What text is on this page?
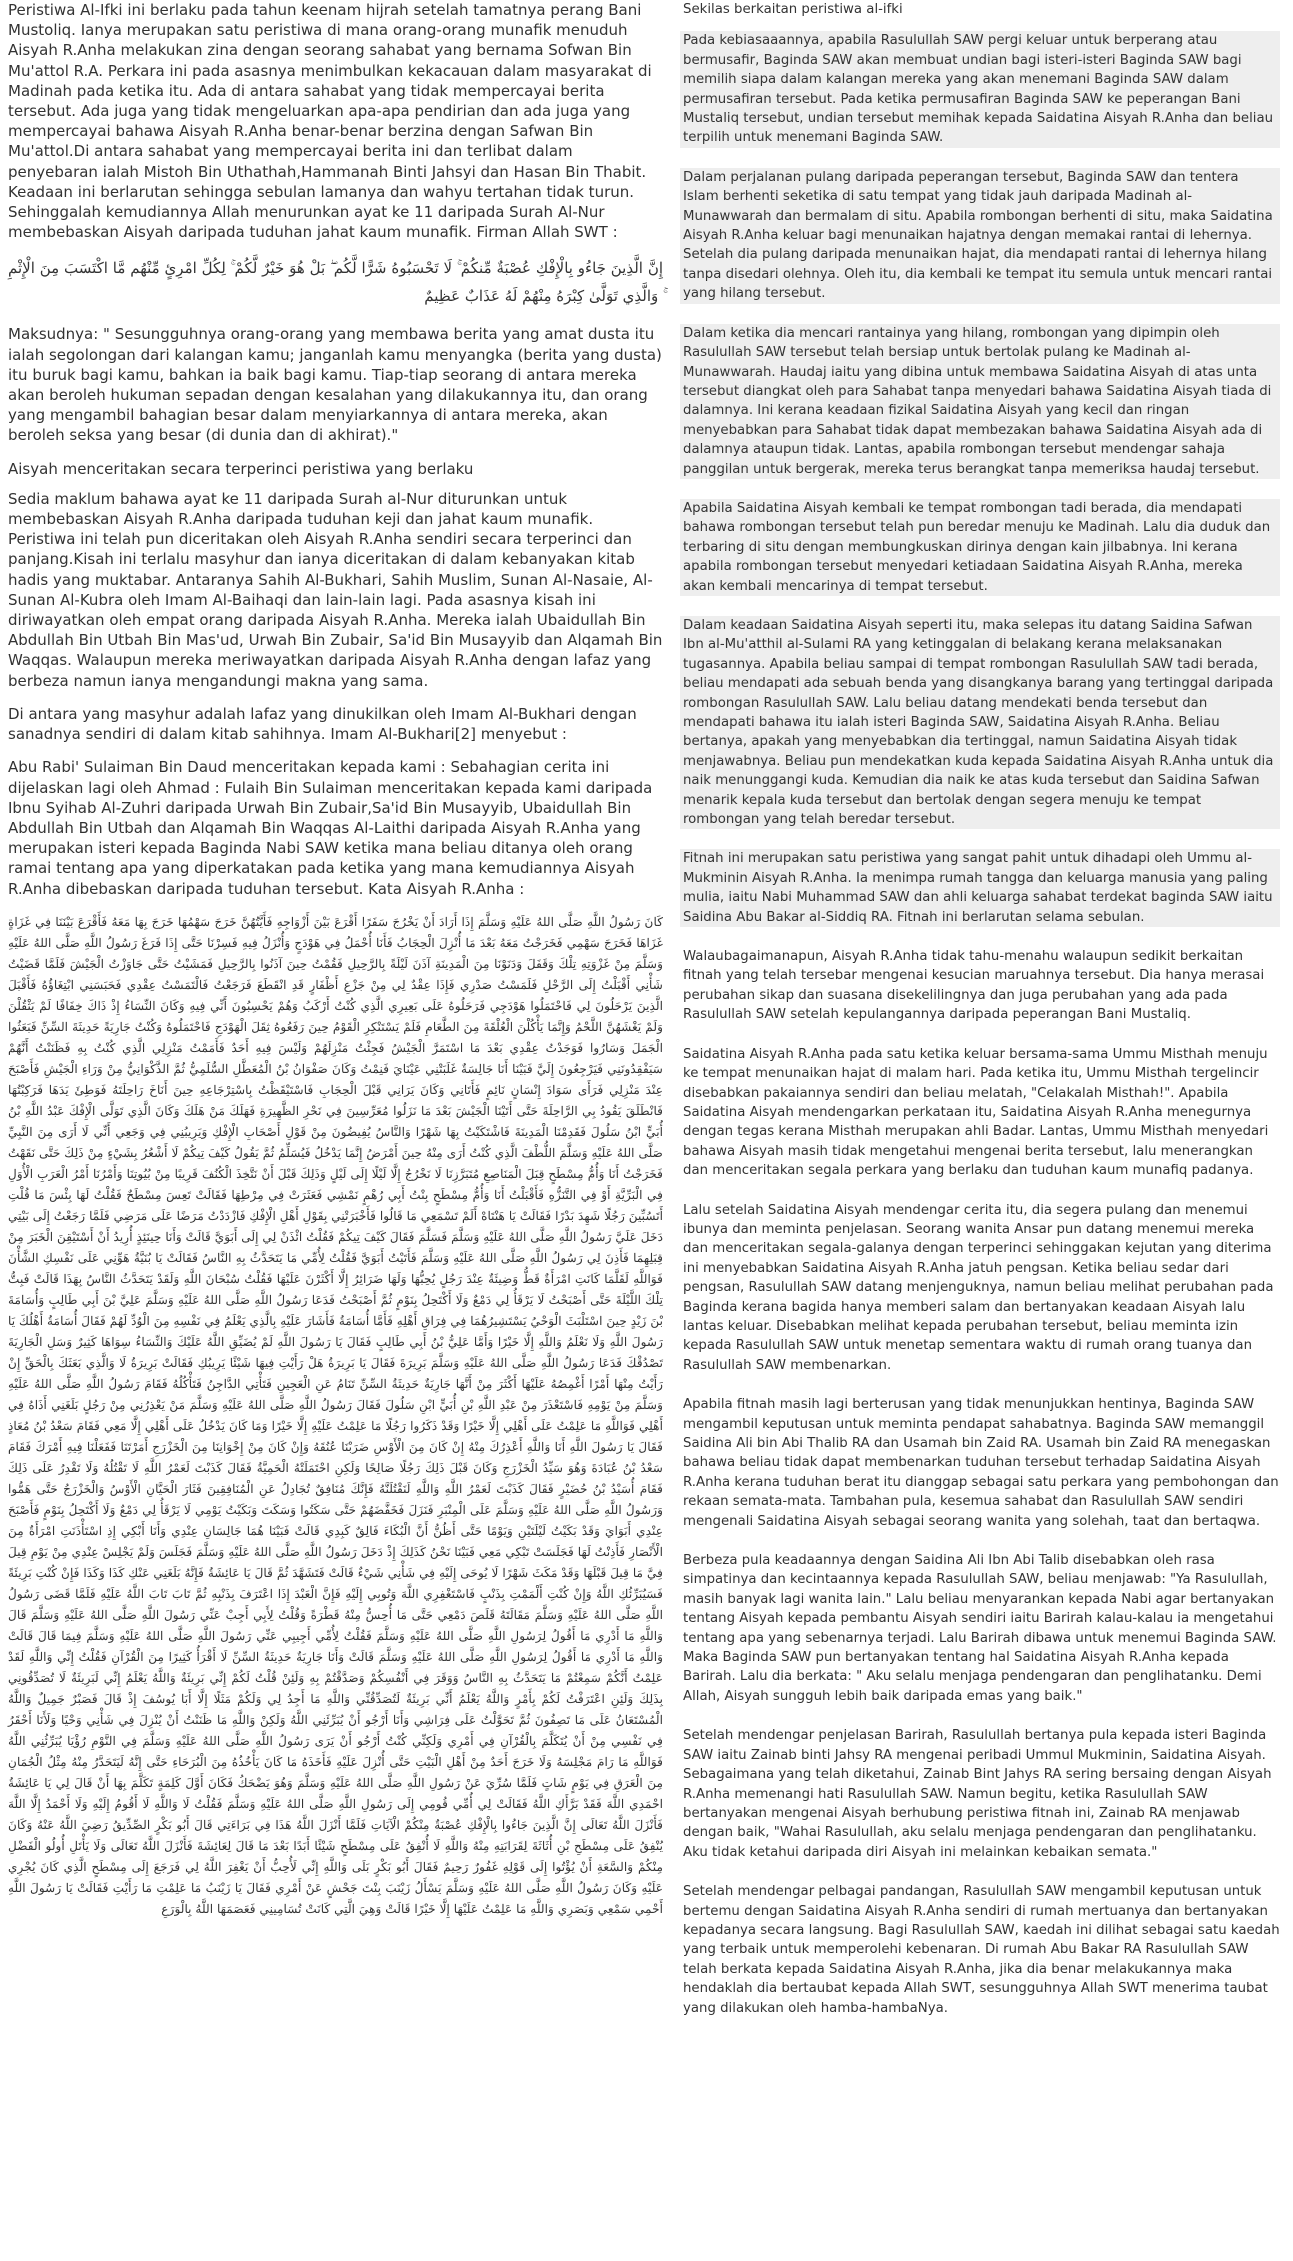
Peristiwa Al-Ifki ini berlaku pada tahun keenam hijrah setelah tamatnya perang Bani Mustoliq. Ianya merupakan satu peristiwa di mana orang-orang munafik menuduh Aisyah R.Anha melakukan zina dengan seorang sahabat yang bernama Sofwan Bin Mu'attol R.A. Perkara ini pada asasnya menimbulkan kekacauan dalam masyarakat di Madinah pada ketika itu. Ada di antara sahabat yang tidak mempercayai berita tersebut. Ada juga yang tidak mengeluarkan apa-apa pendirian dan ada juga yang mempercayai bahawa Aisyah R.Anha benar-benar berzina dengan Safwan Bin Mu'attol.Di antara sahabat yang mempercayai berita ini dan terlibat dalam penyebaran ialah Mistoh Bin Uthathah,Hammanah Binti Jahsyi dan Hasan Bin Thabit. Keadaan ini berlarutan sehingga sebulan lamanya dan wahyu tertahan tidak turun. Sehinggalah kemudiannya Allah menurunkan ayat ke 11 daripada Surah Al-Nur membebaskan Aisyah daripada tuduhan jahat kaum munafik. Firman Allah SWT :

إِنَّ الَّذِينَ جَاءُو بِالْإِفْكِ عُصْبَةٌ مِّنكُمْ ۚ لَا تَحْسَبُوهُ شَرًّا لَّكُم ۖ بَلْ هُوَ خَيْرٌ لَّكُمْ ۚ لِكُلِّ امْرِئٍ مِّنْهُم مَّا اكْتَسَبَ مِنَ الْإِثْمِ ۚ وَالَّذِي تَوَلَّىٰ كِبْرَهُ مِنْهُمْ لَهُ عَذَابٌ عَظِيمٌ

Maksudnya: " Sesungguhnya orang-orang yang membawa berita yang amat dusta itu ialah segolongan dari kalangan kamu; janganlah kamu menyangka (berita yang dusta) itu buruk bagi kamu, bahkan ia baik bagi kamu. Tiap-tiap seorang di antara mereka akan beroleh hukuman sepadan dengan kesalahan yang dilakukannya itu, dan orang yang mengambil bahagian besar dalam menyiarkannya di antara mereka, akan beroleh seksa yang besar (di dunia dan di akhirat)."

Aisyah menceritakan secara terperinci peristiwa yang berlaku

Sedia maklum bahawa ayat ke 11 daripada Surah al-Nur diturunkan untuk membebaskan Aisyah R.Anha daripada tuduhan keji dan jahat kaum munafik. Peristiwa ini telah pun diceritakan oleh Aisyah R.Anha sendiri secara terperinci dan panjang.Kisah ini terlalu masyhur dan ianya diceritakan di dalam kebanyakan kitab hadis yang muktabar. Antaranya Sahih Al-Bukhari, Sahih Muslim, Sunan Al-Nasaie, Al-Sunan Al-Kubra oleh Imam Al-Baihaqi dan lain-lain lagi. Pada asasnya kisah ini diriwayatkan oleh empat orang daripada Aisyah R.Anha. Mereka ialah Ubaidullah Bin Abdullah Bin Utbah Bin Mas'ud, Urwah Bin Zubair, Sa'id Bin Musayyib dan Alqamah Bin Waqqas. Walaupun mereka meriwayatkan daripada Aisyah R.Anha dengan lafaz yang berbeza namun ianya mengandungi makna yang sama.

Di antara yang masyhur adalah lafaz yang dinukilkan oleh Imam Al-Bukhari dengan sanadnya sendiri di dalam kitab sahihnya. Imam Al-Bukhari[2] menyebut :

Abu Rabi' Sulaiman Bin Daud menceritakan kepada kami : Sebahagian cerita ini dijelaskan lagi oleh Ahmad : Fulaih Bin Sulaiman menceritakan kepada kami daripada Ibnu Syihab Al-Zuhri daripada Urwah Bin Zubair,Sa'id Bin Musayyib, Ubaidullah Bin Abdullah Bin Utbah dan Alqamah Bin Waqqas Al-Laithi daripada Aisyah R.Anha yang merupakan isteri kepada Baginda Nabi SAW ketika mana beliau ditanya oleh orang ramai tentang apa yang diperkatakan pada ketika yang mana kemudiannya Aisyah R.Anha dibebaskan daripada tuduhan tersebut. Kata Aisyah R.Anha :

كَانَ رَسُولُ اللَّهِ صَلَّى اللهُ عَلَيْهِ وَسَلَّمَ إِذَا أَرَادَ أَنْ يَخْرُجَ سَفَرًا أَقْرَعَ بَيْنَ أَزْوَاجِهِ فَأَيَّتُهُنَّ خَرَجَ سَهْمُهَا خَرَجَ بِهَا مَعَهُ فَأَقْرَعَ بَيْنَنَا فِي غَزَاةٍ غَزَاهَا فَخَرَجَ سَهْمِي فَخَرَجْتُ مَعَهُ بَعْدَ مَا أُنْزِلَ الْحِجَابُ فَأَنَا أُحْمَلُ فِي هَوْدَجٍ وَأُنْزَلُ فِيهِ فَسِرْنَا حَتَّى إِذَا فَرَغَ رَسُولُ اللَّهِ صَلَّى اللهُ عَلَيْهِ وَسَلَّمَ مِنْ غَزْوَتِهِ تِلْكَ وَقَفَلَ وَدَنَوْنَا مِنَ الْمَدِينَةِ آذَنَ لَيْلَةً بِالرَّحِيلِ فَقُمْتُ حِينَ آذَنُوا بِالرَّحِيلِ فَمَشَيْتُ حَتَّى جَاوَزْتُ الْجَيْشَ فَلَمَّا قَضَيْتُ شَأْنِي أَقْبَلْتُ إِلَى الرَّحْلِ فَلَمَسْتُ صَدْرِي فَإِذَا عِقْدٌ لِي مِنْ جَزْعِ أَظْفَارٍ قَدِ انْقَطَعَ فَرَجَعْتُ فَالْتَمَسْتُ عِقْدِي فَحَبَسَنِي ابْتِغَاؤُهُ فَأَقْبَلَ الَّذِينَ يَرْحَلُونَ لِي فَاحْتَمَلُوا هَوْدَجِي فَرَحَلُوهُ عَلَى بَعِيرِي الَّذِي كُنْتُ أَرْكَبُ وَهُمْ يَحْسِبُونَ أَنِّي فِيهِ وَكَانَ النِّسَاءُ إِذْ ذَاكَ خِفَافًا لَمْ يَثْقُلْنَ وَلَمْ يَغْشَهُنَّ اللَّحْمُ وَإِنَّمَا يَأْكُلْنَ الْعُلْقَةَ مِنَ الطَّعَامِ فَلَمْ يَسْتَنْكِرِ الْقَوْمُ حِينَ رَفَعُوهُ ثِقَلَ الْهَوْدَجِ فَاحْتَمَلُوهُ وَكُنْتُ جَارِيَةً حَدِيثَةَ السِّنِّ فَبَعَثُوا الْجَمَلَ وَسَارُوا فَوَجَدْتُ عِقْدِي بَعْدَ مَا اسْتَمَرَّ الْجَيْشُ فَجِئْتُ مَنْزِلَهُمْ وَلَيْسَ فِيهِ أَحَدٌ فَأَمَمْتُ مَنْزِلِي الَّذِي كُنْتُ بِهِ فَظَنَنْتُ أَنَّهُمْ سَيَفْقِدُونَنِي فَيَرْجِعُونَ إِلَيَّ فَبَيْنَا أَنَا جَالِسَةٌ غَلَبَتْنِي عَيْنَايَ فَنِمْتُ وَكَانَ صَفْوَانُ بْنُ الْمُعَطَّلِ السُّلَمِيُّ ثُمَّ الذَّكْوَانِيُّ مِنْ وَرَاءِ الْجَيْشِ فَأَصْبَحَ عِنْدَ مَنْزِلِي فَرَأَى سَوَادَ إِنْسَانٍ نَائِمٍ فَأَتَانِي وَكَانَ يَرَانِي قَبْلَ الْحِجَابِ فَاسْتَيْقَظْتُ بِاسْتِرْجَاعِهِ حِينَ أَنَاخَ رَاحِلَتَهُ فَوَطِئَ يَدَهَا فَرَكِبْتُهَا فَانْطَلَقَ يَقُودُ بِي الرَّاحِلَةَ حَتَّى أَتَيْنَا الْجَيْشَ بَعْدَ مَا نَزَلُوا مُعَرِّسِينَ فِي نَحْرِ الظَّهِيرَةِ فَهَلَكَ مَنْ هَلَكَ وَكَانَ الَّذِي تَوَلَّى الْإِفْكَ عَبْدُ اللَّهِ بْنُ أُبَيٍّ ابْنُ سَلُولَ فَقَدِمْنَا الْمَدِينَةَ فَاشْتَكَيْتُ بِهَا شَهْرًا وَالنَّاسُ يُفِيضُونَ مِنْ قَوْلِ أَصْحَابِ الْإِفْكِ وَيَرِيبُنِي فِي وَجَعِي أَنِّي لَا أَرَى مِنَ النَّبِيِّ صَلَّى اللهُ عَلَيْهِ وَسَلَّمَ اللُّطْفَ الَّذِي كُنْتُ أَرَى مِنْهُ حِينَ أَمْرَضُ إِنَّمَا يَدْخُلُ فَيُسَلِّمُ ثُمَّ يَقُولُ كَيْفَ تِيكُمْ لَا أَشْعُرُ بِشَيْءٍ مِنْ ذَلِكَ حَتَّى نَقَهْتُ فَخَرَجْتُ أَنَا وَأُمُّ مِسْطَحٍ قِبَلَ الْمَنَاصِعِ مُتَبَرَّزِنَا لَا نَخْرُجُ إِلَّا لَيْلًا إِلَى لَيْلٍ وَذَلِكَ قَبْلَ أَنْ نَتَّخِذَ الْكُنُفَ قَرِيبًا مِنْ بُيُوتِنَا وَأَمْرُنَا أَمْرُ الْعَرَبِ الْأُوَلِ فِي الْبَرِّيَّةِ أَوْ فِي التَّنَزُّهِ فَأَقْبَلْتُ أَنَا وَأُمُّ مِسْطَحٍ بِنْتُ أَبِي رُهْمٍ نَمْشِي فَعَثَرَتْ فِي مِرْطِهَا فَقَالَتْ تَعِسَ مِسْطَحٌ فَقُلْتُ لَهَا بِئْسَ مَا قُلْتِ أَتَسُبِّينَ رَجُلًا شَهِدَ بَدْرًا فَقَالَتْ يَا هَنْتَاهْ أَلَمْ تَسْمَعِي مَا قَالُوا فَأَخْبَرَتْنِي بِقَوْلِ أَهْلِ الْإِفْكِ فَازْدَدْتُ مَرَضًا عَلَى مَرَضِي فَلَمَّا رَجَعْتُ إِلَى بَيْتِي دَخَلَ عَلَيَّ رَسُولُ اللَّهِ صَلَّى اللهُ عَلَيْهِ وَسَلَّمَ فَسَلَّمَ فَقَالَ كَيْفَ تِيكُمْ فَقُلْتُ ائْذَنْ لِي إِلَى أَبَوَيَّ قَالَتْ وَأَنَا حِينَئِذٍ أُرِيدُ أَنْ أَسْتَيْقِنَ الْخَبَرَ مِنْ قِبَلِهِمَا فَأَذِنَ لِي رَسُولُ اللَّهِ صَلَّى اللهُ عَلَيْهِ وَسَلَّمَ فَأَتَيْتُ أَبَوَيَّ فَقُلْتُ لِأُمِّي مَا يَتَحَدَّثُ بِهِ النَّاسُ فَقَالَتْ يَا بُنَيَّةُ هَوِّنِي عَلَى نَفْسِكِ الشَّأْنَ فَوَاللَّهِ لَقَلَّمَا كَانَتِ امْرَأَةٌ قَطُّ وَضِيئَةٌ عِنْدَ رَجُلٍ يُحِبُّهَا وَلَهَا ضَرَائِرُ إِلَّا أَكْثَرْنَ عَلَيْهَا فَقُلْتُ سُبْحَانَ اللَّهِ وَلَقَدْ يَتَحَدَّثُ النَّاسُ بِهَذَا قَالَتْ فَبِتُّ تِلْكَ اللَّيْلَةَ حَتَّى أَصْبَحْتُ لَا يَرْقَأُ لِي دَمْعٌ وَلَا أَكْتَحِلُ بِنَوْمٍ ثُمَّ أَصْبَحْتُ فَدَعَا رَسُولُ اللَّهِ صَلَّى اللهُ عَلَيْهِ وَسَلَّمَ عَلِيَّ بْنَ أَبِي طَالِبٍ وَأُسَامَةَ بْنَ زَيْدٍ حِينَ اسْتَلْبَثَ الْوَحْيُ يَسْتَشِيرُهُمَا فِي فِرَاقِ أَهْلِهِ فَأَمَّا أُسَامَةُ فَأَشَارَ عَلَيْهِ بِالَّذِي يَعْلَمُ فِي نَفْسِهِ مِنَ الْوُدِّ لَهُمْ فَقَالَ أُسَامَةُ أَهْلُكَ يَا رَسُولَ اللَّهِ وَلَا نَعْلَمُ وَاللَّهِ إِلَّا خَيْرًا وَأَمَّا عَلِيُّ بْنُ أَبِي طَالِبٍ فَقَالَ يَا رَسُولَ اللَّهِ لَمْ يُضَيِّقِ اللَّهُ عَلَيْكَ وَالنِّسَاءُ سِوَاهَا كَثِيرٌ وَسَلِ الْجَارِيَةَ تَصْدُقْكَ فَدَعَا رَسُولُ اللَّهِ صَلَّى اللهُ عَلَيْهِ وَسَلَّمَ بَرِيرَةَ فَقَالَ يَا بَرِيرَةُ هَلْ رَأَيْتِ فِيهَا شَيْئًا يَرِيبُكِ فَقَالَتْ بَرِيرَةُ لَا وَالَّذِي بَعَثَكَ بِالْحَقِّ إِنْ رَأَيْتُ مِنْهَا أَمْرًا أَغْمِصُهُ عَلَيْهَا أَكْثَرَ مِنْ أَنَّهَا جَارِيَةٌ حَدِيثَةُ السِّنِّ تَنَامُ عَنِ الْعَجِينِ فَتَأْتِي الدَّاجِنُ فَتَأْكُلُهُ فَقَامَ رَسُولُ اللَّهِ صَلَّى اللهُ عَلَيْهِ وَسَلَّمَ مِنْ يَوْمِهِ فَاسْتَعْذَرَ مِنْ عَبْدِ اللَّهِ بْنِ أُبَيٍّ ابْنِ سَلُولَ فَقَالَ رَسُولُ اللَّهِ صَلَّى اللهُ عَلَيْهِ وَسَلَّمَ مَنْ يَعْذِرُنِي مِنْ رَجُلٍ بَلَغَنِي أَذَاهُ فِي أَهْلِي فَوَاللَّهِ مَا عَلِمْتُ عَلَى أَهْلِي إِلَّا خَيْرًا وَقَدْ ذَكَرُوا رَجُلًا مَا عَلِمْتُ عَلَيْهِ إِلَّا خَيْرًا وَمَا كَانَ يَدْخُلُ عَلَى أَهْلِي إِلَّا مَعِي فَقَامَ سَعْدُ بْنُ مُعَاذٍ فَقَالَ يَا رَسُولَ اللَّهِ أَنَا وَاللَّهِ أَعْذِرُكَ مِنْهُ إِنْ كَانَ مِنَ الْأَوْسِ ضَرَبْنَا عُنُقَهُ وَإِنْ كَانَ مِنْ إِخْوَانِنَا مِنَ الْخَزْرَجِ أَمَرْتَنَا فَفَعَلْنَا فِيهِ أَمْرَكَ فَقَامَ سَعْدُ بْنُ عُبَادَةَ وَهُوَ سَيِّدُ الْخَزْرَجِ وَكَانَ قَبْلَ ذَلِكَ رَجُلًا صَالِحًا وَلَكِنِ احْتَمَلَتْهُ الْحَمِيَّةُ فَقَالَ كَذَبْتَ لَعَمْرُ اللَّهِ لَا تَقْتُلُهُ وَلَا تَقْدِرُ عَلَى ذَلِكَ فَقَامَ أُسَيْدُ بْنُ حُضَيْرٍ فَقَالَ كَذَبْتَ لَعَمْرُ اللَّهِ وَاللَّهِ لَنَقْتُلَنَّهُ فَإِنَّكَ مُنَافِقٌ تُجَادِلُ عَنِ الْمُنَافِقِينَ فَثَارَ الْحَيَّانِ الْأَوْسُ وَالْخَزْرَجُ حَتَّى هَمُّوا وَرَسُولُ اللَّهِ صَلَّى اللهُ عَلَيْهِ وَسَلَّمَ عَلَى الْمِنْبَرِ فَنَزَلَ فَخَفَّضَهُمْ حَتَّى سَكَتُوا وَسَكَتَ وَبَكَيْتُ يَوْمِي لَا يَرْقَأُ لِي دَمْعٌ وَلَا أَكْتَحِلُ بِنَوْمٍ فَأَصْبَحَ عِنْدِي أَبَوَايَ وَقَدْ بَكَيْتُ لَيْلَتَيْنِ وَيَوْمًا حَتَّى أَظُنُّ أَنَّ الْبُكَاءَ فَالِقٌ كَبِدِي قَالَتْ فَبَيْنَا هُمَا جَالِسَانِ عِنْدِي وَأَنَا أَبْكِي إِذِ اسْتَأْذَنَتِ امْرَأَةٌ مِنَ الْأَنْصَارِ فَأَذِنْتُ لَهَا فَجَلَسَتْ تَبْكِي مَعِي فَبَيْنَا نَحْنُ كَذَلِكَ إِذْ دَخَلَ رَسُولُ اللَّهِ صَلَّى اللهُ عَلَيْهِ وَسَلَّمَ فَجَلَسَ وَلَمْ يَجْلِسْ عِنْدِي مِنْ يَوْمِ قِيلَ فِيَّ مَا قِيلَ قَبْلَهَا وَقَدْ مَكَثَ شَهْرًا لَا يُوحَى إِلَيْهِ فِي شَأْنِي شَيْءٌ قَالَتْ فَتَشَهَّدَ ثُمَّ قَالَ يَا عَائِشَةُ فَإِنَّهُ بَلَغَنِي عَنْكِ كَذَا وَكَذَا فَإِنْ كُنْتِ بَرِيئَةً فَسَيُبَرِّئُكِ اللَّهُ وَإِنْ كُنْتِ أَلْمَمْتِ بِذَنْبٍ فَاسْتَغْفِرِي اللَّهَ وَتُوبِي إِلَيْهِ فَإِنَّ الْعَبْدَ إِذَا اعْتَرَفَ بِذَنْبِهِ ثُمَّ تَابَ تَابَ اللَّهُ عَلَيْهِ فَلَمَّا قَضَى رَسُولُ اللَّهِ صَلَّى اللهُ عَلَيْهِ وَسَلَّمَ مَقَالَتَهُ قَلَصَ دَمْعِي حَتَّى مَا أُحِسُّ مِنْهُ قَطْرَةً وَقُلْتُ لِأَبِي أَجِبْ عَنِّي رَسُولَ اللَّهِ صَلَّى اللهُ عَلَيْهِ وَسَلَّمَ قَالَ وَاللَّهِ مَا أَدْرِي مَا أَقُولُ لِرَسُولِ اللَّهِ صَلَّى اللهُ عَلَيْهِ وَسَلَّمَ فَقُلْتُ لِأُمِّي أَجِيبِي عَنِّي رَسُولَ اللَّهِ صَلَّى اللهُ عَلَيْهِ وَسَلَّمَ فِيمَا قَالَ قَالَتْ وَاللَّهِ مَا أَدْرِي مَا أَقُولُ لِرَسُولِ اللَّهِ صَلَّى اللهُ عَلَيْهِ وَسَلَّمَ قَالَتْ وَأَنَا جَارِيَةٌ حَدِيثَةُ السِّنِّ لَا أَقْرَأُ كَثِيرًا مِنَ الْقُرْآنِ فَقُلْتُ إِنِّي وَاللَّهِ لَقَدْ عَلِمْتُ أَنَّكُمْ سَمِعْتُمْ مَا يَتَحَدَّثُ بِهِ النَّاسُ وَوَقَرَ فِي أَنْفُسِكُمْ وَصَدَّقْتُمْ بِهِ وَلَئِنْ قُلْتُ لَكُمْ إِنِّي بَرِيئَةٌ وَاللَّهُ يَعْلَمُ إِنِّي لَبَرِيئَةٌ لَا تُصَدِّقُونِي بِذَلِكَ وَلَئِنِ اعْتَرَفْتُ لَكُمْ بِأَمْرٍ وَاللَّهُ يَعْلَمُ أَنِّي بَرِيئَةٌ لَتُصَدِّقُنِّي وَاللَّهِ مَا أَجِدُ لِي وَلَكُمْ مَثَلًا إِلَّا أَبَا يُوسُفَ إِذْ قَالَ فَصَبْرٌ جَمِيلٌ وَاللَّهُ الْمُسْتَعَانُ عَلَى مَا تَصِفُونَ ثُمَّ تَحَوَّلْتُ عَلَى فِرَاشِي وَأَنَا أَرْجُو أَنْ يُبَرِّئَنِي اللَّهُ وَلَكِنْ وَاللَّهِ مَا ظَنَنْتُ أَنْ يُنْزِلَ فِي شَأْنِي وَحْيًا وَلَأَنَا أَحْقَرُ فِي نَفْسِي مِنْ أَنْ يُتَكَلَّمَ بِالْقُرْآنِ فِي أَمْرِي وَلَكِنِّي كُنْتُ أَرْجُو أَنْ يَرَى رَسُولُ اللَّهِ صَلَّى اللهُ عَلَيْهِ وَسَلَّمَ فِي النَّوْمِ رُؤْيَا يُبَرِّئُنِي اللَّهُ فَوَاللَّهِ مَا رَامَ مَجْلِسَهُ وَلَا خَرَجَ أَحَدٌ مِنْ أَهْلِ الْبَيْتِ حَتَّى أُنْزِلَ عَلَيْهِ فَأَخَذَهُ مَا كَانَ يَأْخُذُهُ مِنَ الْبُرَحَاءِ حَتَّى إِنَّهُ لَيَتَحَدَّرُ مِنْهُ مِثْلُ الْجُمَانِ مِنَ الْعَرَقِ فِي يَوْمٍ شَاتٍ فَلَمَّا سُرِّيَ عَنْ رَسُولِ اللَّهِ صَلَّى اللهُ عَلَيْهِ وَسَلَّمَ وَهُوَ يَضْحَكُ فَكَانَ أَوَّلَ كَلِمَةٍ تَكَلَّمَ بِهَا أَنْ قَالَ لِي يَا عَائِشَةُ احْمَدِي اللَّهَ فَقَدْ بَرَّأَكِ اللَّهُ فَقَالَتْ لِي أُمِّي قُومِي إِلَى رَسُولِ اللَّهِ صَلَّى اللهُ عَلَيْهِ وَسَلَّمَ فَقُلْتُ لَا وَاللَّهِ لَا أَقُومُ إِلَيْهِ وَلَا أَحْمَدُ إِلَّا اللَّهَ فَأَنْزَلَ اللَّهُ تَعَالَى إِنَّ الَّذِينَ جَاءُوا بِالْإِفْكِ عُصْبَةٌ مِنْكُمْ الْآيَاتِ فَلَمَّا أَنْزَلَ اللَّهُ هَذَا فِي بَرَاءَتِي قَالَ أَبُو بَكْرٍ الصِّدِّيقُ رَضِيَ اللَّهُ عَنْهُ وَكَانَ يُنْفِقُ عَلَى مِسْطَحِ بْنِ أُثَاثَةَ لِقَرَابَتِهِ مِنْهُ وَاللَّهِ لَا أُنْفِقُ عَلَى مِسْطَحٍ شَيْئًا أَبَدًا بَعْدَ مَا قَالَ لِعَائِشَةَ فَأَنْزَلَ اللَّهُ تَعَالَى وَلَا يَأْتَلِ أُولُو الْفَضْلِ مِنْكُمْ وَالسَّعَةِ أَنْ يُؤْتُوا إِلَى قَوْلِهِ غَفُورٌ رَحِيمٌ فَقَالَ أَبُو بَكْرٍ بَلَى وَاللَّهِ إِنِّي لَأُحِبُّ أَنْ يَغْفِرَ اللَّهُ لِي فَرَجَعَ إِلَى مِسْطَحٍ الَّذِي كَانَ يُجْرِي عَلَيْهِ وَكَانَ رَسُولُ اللَّهِ صَلَّى اللهُ عَلَيْهِ وَسَلَّمَ يَسْأَلُ زَيْنَبَ بِنْتَ جَحْشٍ عَنْ أَمْرِي فَقَالَ يَا زَيْنَبُ مَا عَلِمْتِ مَا رَأَيْتِ فَقَالَتْ يَا رَسُولَ اللَّهِ أَحْمِي سَمْعِي وَبَصَرِي وَاللَّهِ مَا عَلِمْتُ عَلَيْهَا إِلَّا خَيْرًا قَالَتْ وَهِيَ الَّتِي كَانَتْ تُسَامِينِي فَعَصَمَهَا اللَّهُ بِالْوَرَعِ

Sekilas berkaitan peristiwa al-ifki

Pada kebiasaaannya, apabila Rasulullah SAW pergi keluar untuk berperang atau bermusafir, Baginda SAW akan membuat undian bagi isteri-isteri Baginda SAW bagi memilih siapa dalam kalangan mereka yang akan menemani Baginda SAW dalam permusafiran tersebut. Pada ketika permusafiran Baginda SAW ke peperangan Bani Mustaliq tersebut, undian tersebut memihak kepada Saidatina Aisyah R.Anha dan beliau terpilih untuk menemani Baginda SAW.

Dalam perjalanan pulang daripada peperangan tersebut, Baginda SAW dan tentera Islam berhenti seketika di satu tempat yang tidak jauh daripada Madinah al-Munawwarah dan bermalam di situ. Apabila rombongan berhenti di situ, maka Saidatina Aisyah R.Anha keluar bagi menunaikan hajatnya dengan memakai rantai di lehernya. Setelah dia pulang daripada menunaikan hajat, dia mendapati rantai di lehernya hilang tanpa disedari olehnya. Oleh itu, dia kembali ke tempat itu semula untuk mencari rantai yang hilang tersebut.

Dalam ketika dia mencari rantainya yang hilang, rombongan yang dipimpin oleh Rasulullah SAW tersebut telah bersiap untuk bertolak pulang ke Madinah al-Munawwarah. Haudaj iaitu yang dibina untuk membawa Saidatina Aisyah di atas unta tersebut diangkat oleh para Sahabat tanpa menyedari bahawa Saidatina Aisyah tiada di dalamnya. Ini kerana keadaan fizikal Saidatina Aisyah yang kecil dan ringan menyebabkan para Sahabat tidak dapat membezakan bahawa Saidatina Aisyah ada di dalamnya ataupun tidak. Lantas, apabila rombongan tersebut mendengar sahaja panggilan untuk bergerak, mereka terus berangkat tanpa memeriksa haudaj tersebut.

Apabila Saidatina Aisyah kembali ke tempat rombongan tadi berada, dia mendapati bahawa rombongan tersebut telah pun beredar menuju ke Madinah. Lalu dia duduk dan terbaring di situ dengan membungkuskan dirinya dengan kain jilbabnya. Ini kerana apabila rombongan tersebut menyedari ketiadaan Saidatina Aisyah R.Anha, mereka akan kembali mencarinya di tempat tersebut.

Dalam keadaan Saidatina Aisyah seperti itu, maka selepas itu datang Saidina Safwan Ibn al-Mu'atthil al-Sulami RA yang ketinggalan di belakang kerana melaksanakan tugasannya. Apabila beliau sampai di tempat rombongan Rasulullah SAW tadi berada, beliau mendapati ada sebuah benda yang disangkanya barang yang tertinggal daripada rombongan Rasulullah SAW. Lalu beliau datang mendekati benda tersebut dan mendapati bahawa itu ialah isteri Baginda SAW, Saidatina Aisyah R.Anha. Beliau bertanya, apakah yang menyebabkan dia tertinggal, namun Saidatina Aisyah tidak menjawabnya. Beliau pun mendekatkan kuda kepada Saidatina Aisyah R.Anha untuk dia naik menunggangi kuda. Kemudian dia naik ke atas kuda tersebut dan Saidina Safwan menarik kepala kuda tersebut dan bertolak dengan segera menuju ke tempat rombongan yang telah beredar tersebut.

Fitnah ini merupakan satu peristiwa yang sangat pahit untuk dihadapi oleh Ummu al-Mukminin Aisyah R.Anha. Ia menimpa rumah tangga dan keluarga manusia yang paling mulia, iaitu Nabi Muhammad SAW dan ahli keluarga sahabat terdekat baginda SAW iaitu Saidina Abu Bakar al-Siddiq RA. Fitnah ini berlarutan selama sebulan.

Walaubagaimanapun, Aisyah R.Anha tidak tahu-menahu walaupun sedikit berkaitan fitnah yang telah tersebar mengenai kesucian maruahnya tersebut. Dia hanya merasai perubahan sikap dan suasana disekelilingnya dan juga perubahan yang ada pada Rasulullah SAW setelah kepulangannya daripada peperangan Bani Mustaliq.

Saidatina Aisyah R.Anha pada satu ketika keluar bersama-sama Ummu Misthah menuju ke tempat menunaikan hajat di malam hari. Pada ketika itu, Ummu Misthah tergelincir disebabkan pakaiannya sendiri dan beliau melatah, "Celakalah Misthah!". Apabila Saidatina Aisyah mendengarkan perkataan itu, Saidatina Aisyah R.Anha menegurnya dengan tegas kerana Misthah merupakan ahli Badar. Lantas, Ummu Misthah menyedari bahawa Aisyah masih tidak mengetahui mengenai berita tersebut, lalu menerangkan dan menceritakan segala perkara yang berlaku dan tuduhan kaum munafiq padanya.

Lalu setelah Saidatina Aisyah mendengar cerita itu, dia segera pulang dan menemui ibunya dan meminta penjelasan. Seorang wanita Ansar pun datang menemui mereka dan menceritakan segala-galanya dengan terperinci sehinggakan kejutan yang diterima ini menyebabkan Saidatina Aisyah R.Anha jatuh pengsan. Ketika beliau sedar dari pengsan, Rasulullah SAW datang menjenguknya, namun beliau melihat perubahan pada Baginda kerana bagida hanya memberi salam dan bertanyakan keadaan Aisyah lalu lantas keluar. Disebabkan melihat kepada perubahan tersebut, beliau meminta izin kepada Rasulullah SAW untuk menetap sementara waktu di rumah orang tuanya dan Rasulullah SAW membenarkan.

Apabila fitnah masih lagi berterusan yang tidak menunjukkan hentinya, Baginda SAW mengambil keputusan untuk meminta pendapat sahabatnya. Baginda SAW memanggil Saidina Ali bin Abi Thalib RA dan Usamah bin Zaid RA. Usamah bin Zaid RA menegaskan bahawa beliau tidak dapat membenarkan tuduhan tersebut terhadap Saidatina Aisyah R.Anha kerana tuduhan berat itu dianggap sebagai satu perkara yang pembohongan dan rekaan semata-mata. Tambahan pula, kesemua sahabat dan Rasulullah SAW sendiri mengenali Saidatina Aisyah sebagai seorang wanita yang solehah, taat dan bertaqwa.

Berbeza pula keadaannya dengan Saidina Ali Ibn Abi Talib disebabkan oleh rasa simpatinya dan kecintaannya kepada Rasulullah SAW, beliau menjawab: "Ya Rasulullah, masih banyak lagi wanita lain." Lalu beliau menyarankan kepada Nabi agar bertanyakan tentang Aisyah kepada pembantu Aisyah sendiri iaitu Barirah kalau-kalau ia mengetahui tentang apa yang sebenarnya terjadi. Lalu Barirah dibawa untuk menemui Baginda SAW. Maka Baginda SAW pun bertanyakan tentang hal Saidatina Aisyah R.Anha kepada Barirah. Lalu dia berkata: " Aku selalu menjaga pendengaran dan penglihatanku. Demi Allah, Aisyah sungguh lebih baik daripada emas yang baik."

Setelah mendengar penjelasan Barirah, Rasulullah bertanya pula kepada isteri Baginda SAW iaitu Zainab binti Jahsy RA mengenai peribadi Ummul Mukminin, Saidatina Aisyah. Sebagaimana yang telah diketahui, Zainab Bint Jahys RA sering bersaing dengan Aisyah R.Anha memenangi hati Rasulullah SAW. Namun begitu, ketika Rasulullah SAW bertanyakan mengenai Aisyah berhubung peristiwa fitnah ini, Zainab RA menjawab dengan baik, "Wahai Rasulullah, aku selalu menjaga pendengaran dan penglihatanku. Aku tidak ketahui daripada diri Aisyah ini melainkan kebaikan semata."

Setelah mendengar pelbagai pandangan, Rasulullah SAW mengambil keputusan untuk bertemu dengan Saidatina Aisyah R.Anha sendiri di rumah mertuanya dan bertanyakan kepadanya secara langsung. Bagi Rasulullah SAW, kaedah ini dilihat sebagai satu kaedah yang terbaik untuk memperolehi kebenaran. Di rumah Abu Bakar RA Rasulullah SAW telah berkata kepada Saidatina Aisyah R.Anha, jika dia benar melakukannya maka hendaklah dia bertaubat kepada Allah SWT, sesungguhnya Allah SWT menerima taubat yang dilakukan oleh hamba-hambaNya.
